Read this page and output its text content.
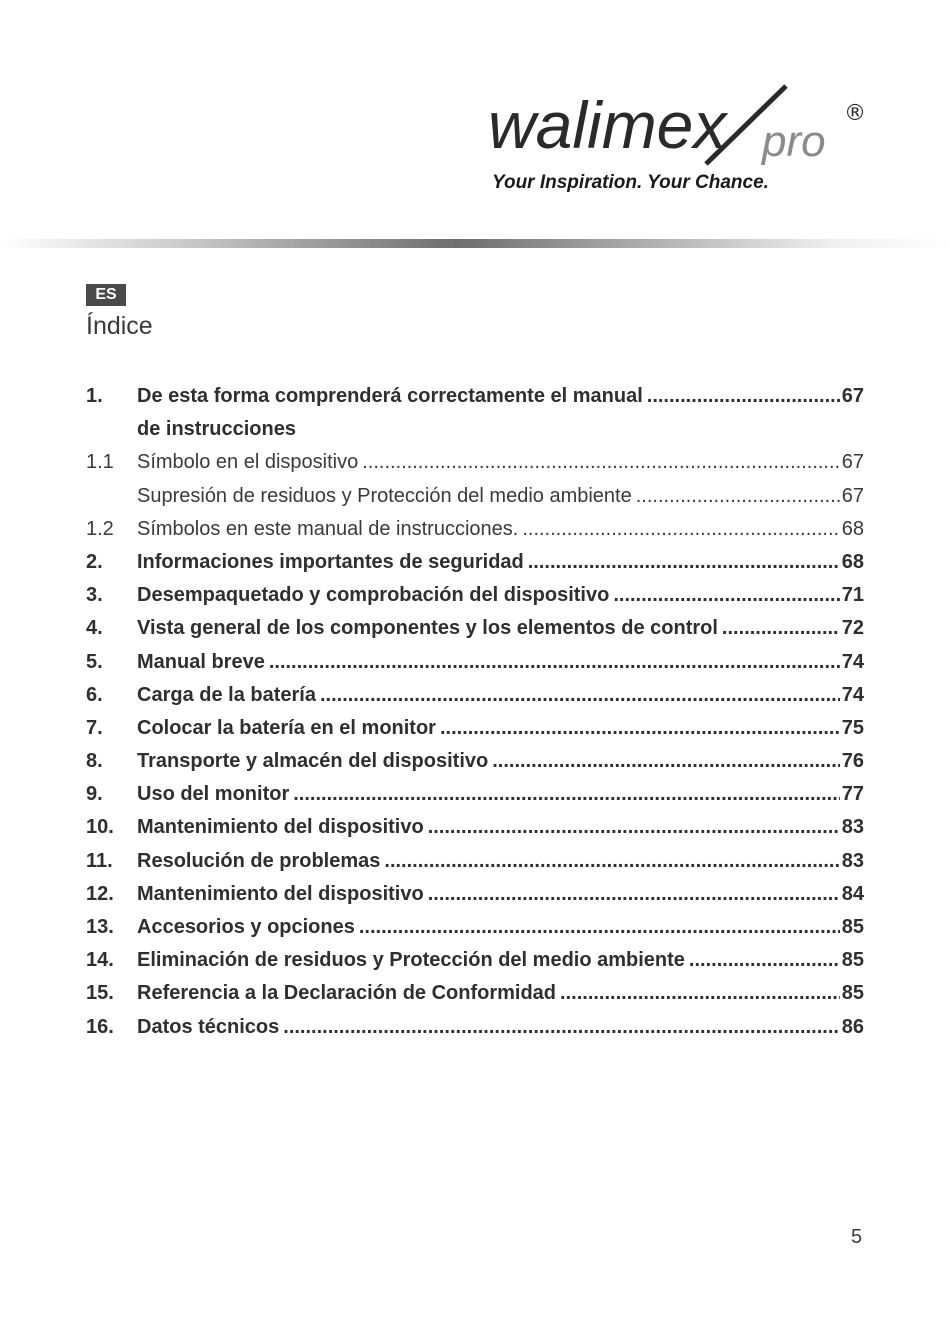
walimex pro
®
Your Inspiration. Your Chance.
ES
Índice
1.	De esta forma comprenderá correctamente el manual .....	67
de instrucciones
1.1	Símbolo en el dispositivo .....	67
Supresión de residuos y Protección del medio ambiente .....	67
1.2	Símbolos en este manual de instrucciones. .....	68
2.	Informaciones importantes de seguridad .....	68
3.	Desempaquetado y comprobación del dispositivo .....	71
4.	Vista general de los componentes y los elementos de control .....	72
5.	Manual breve .....	74
6.	Carga de la batería .....	74
7.	Colocar la batería en el monitor .....	75
8.	Transporte y almacén del dispositivo .....	76
9.	Uso del monitor .....	77
10.	Mantenimiento del dispositivo .....	83
11.	Resolución de problemas .....	83
12.	Mantenimiento del dispositivo .....	84
13.	Accesorios y opciones .....	85
14.	Eliminación de residuos y Protección del medio ambiente .....	85
15.	Referencia a la Declaración de Conformidad .....	85
16.	Datos técnicos .....	86
5
